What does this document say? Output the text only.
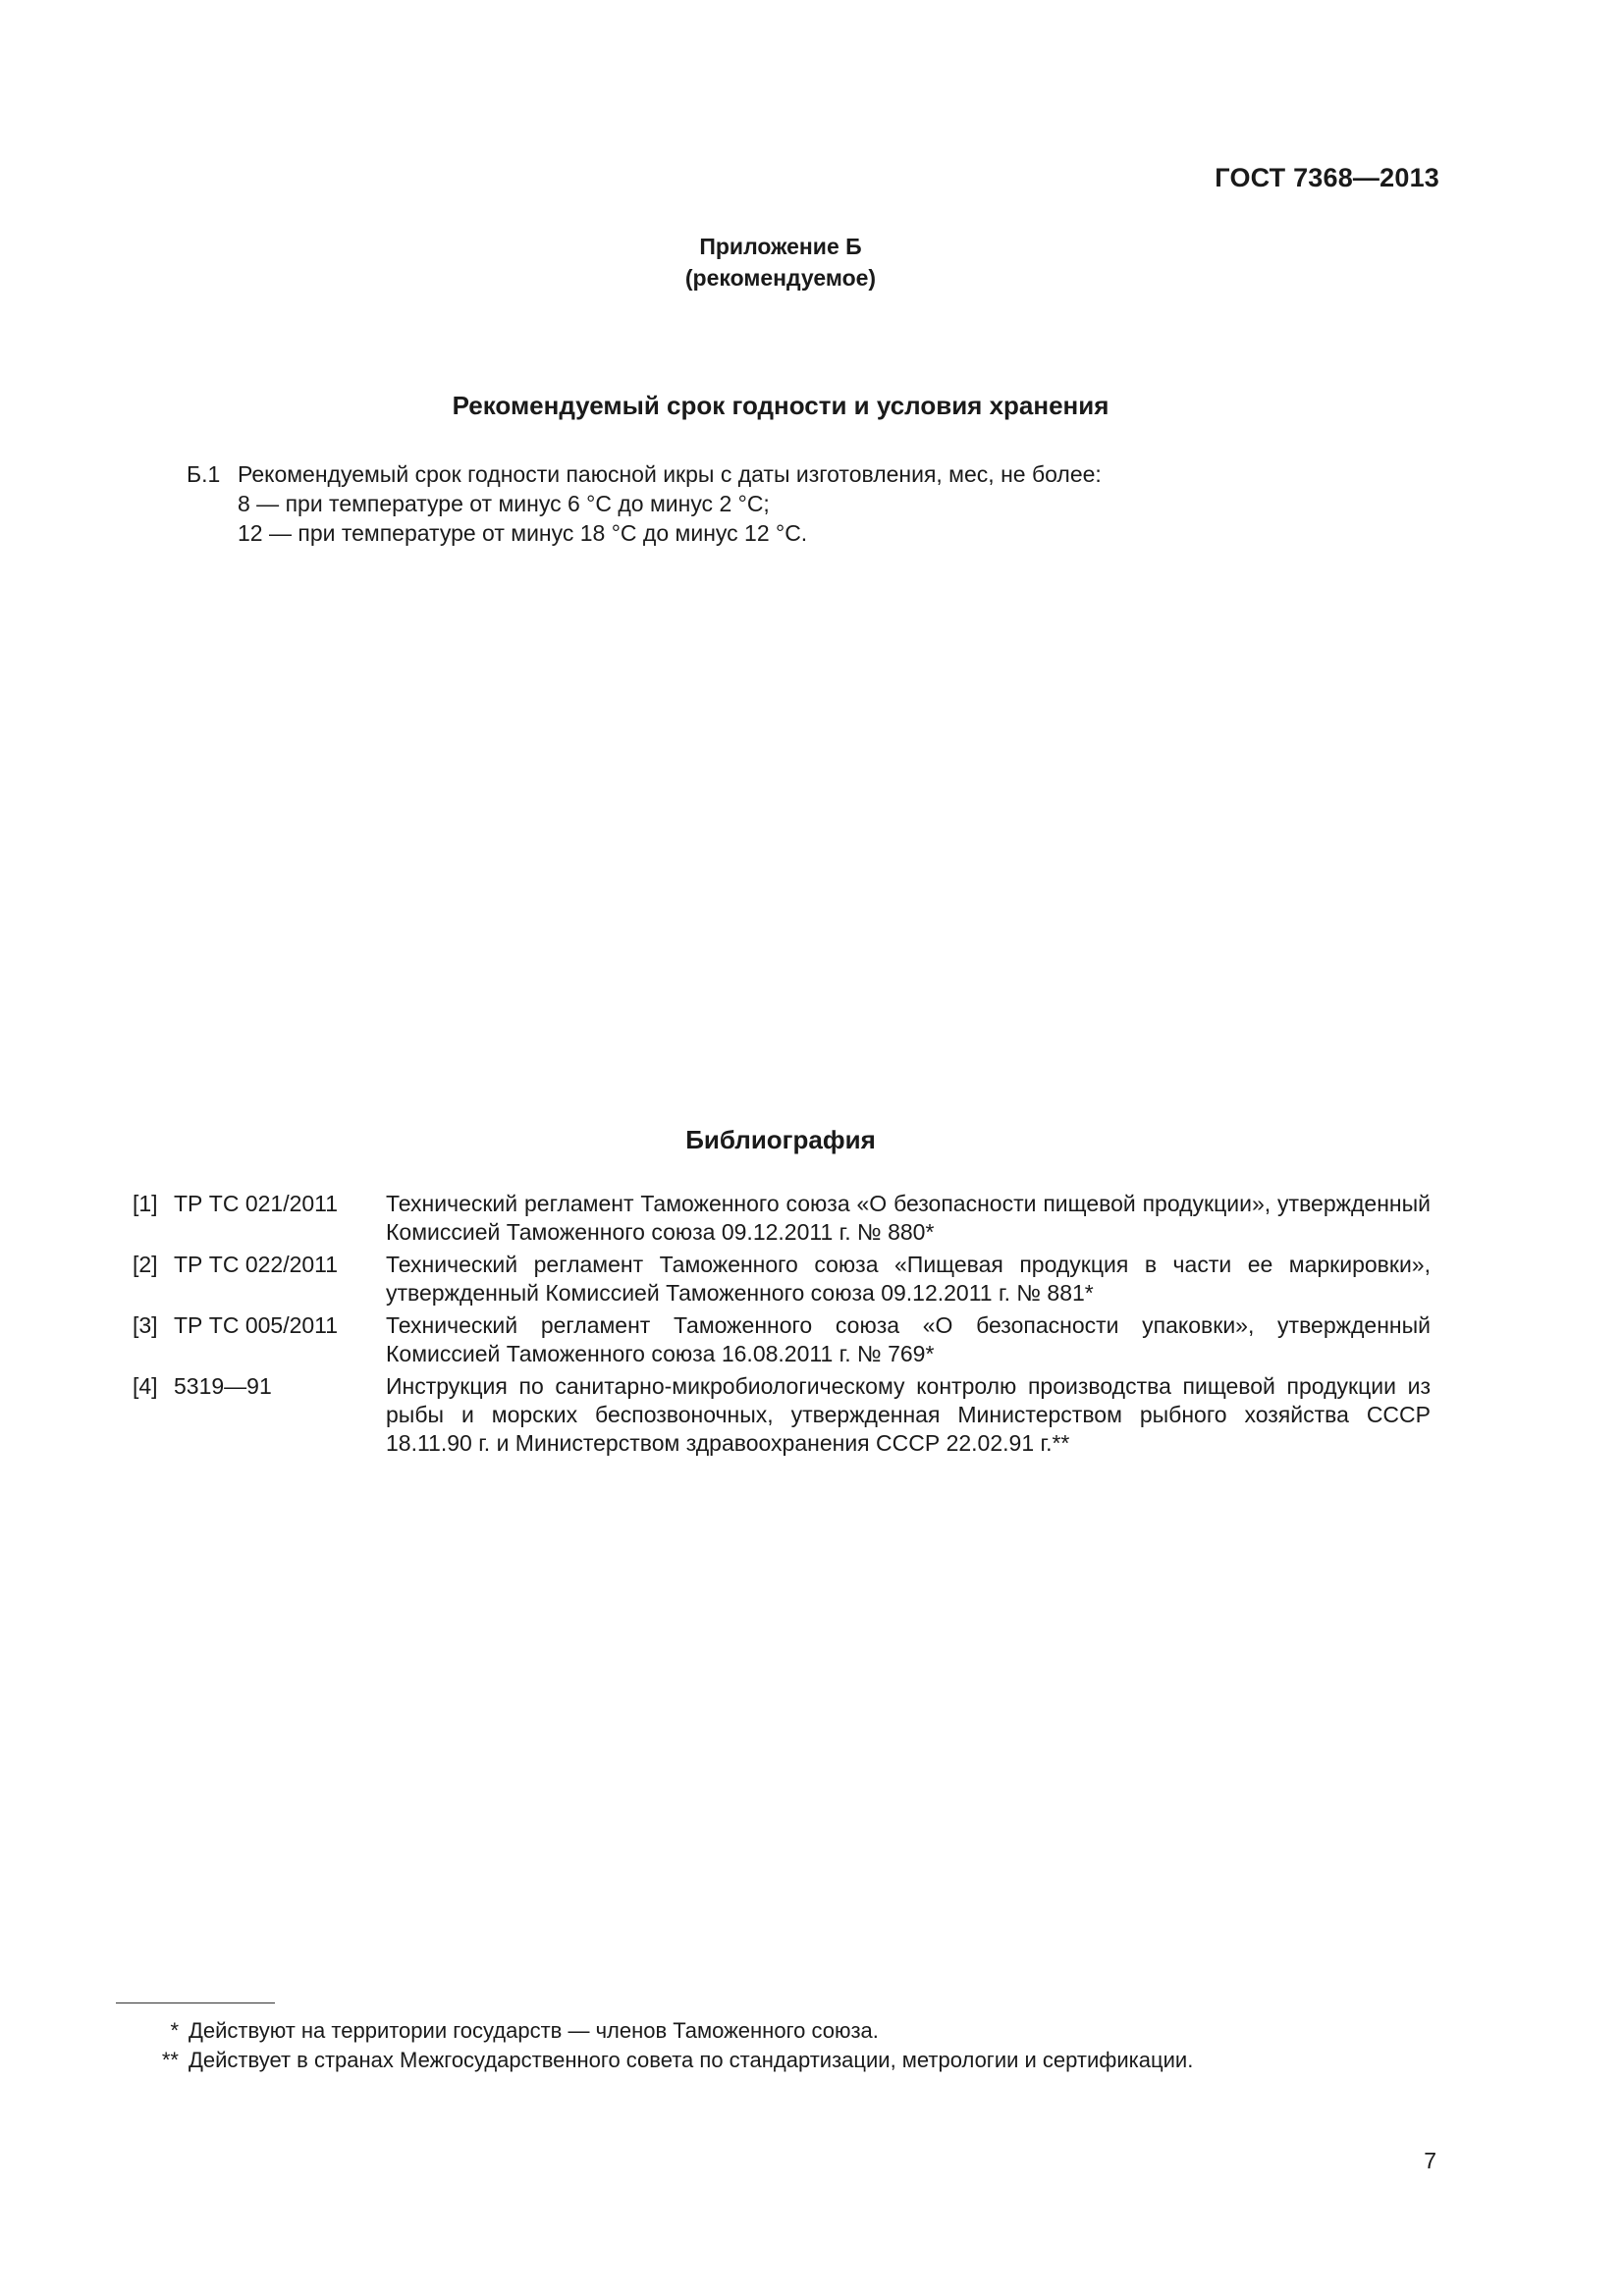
ГОСТ 7368—2013
Приложение Б
(рекомендуемое)
Рекомендуемый срок годности и условия хранения
Б.1 Рекомендуемый срок годности паюсной икры с даты изготовления, мес, не более:
8 — при температуре от минус 6 °С до минус 2 °С;
12 — при температуре от минус 18 °С до минус 12 °С.
Библиография
[1]	ТР ТС 021/2011	Технический регламент Таможенного союза «О безопасности пищевой продукции», утвержденный Комиссией Таможенного союза 09.12.2011 г. № 880*
[2]	ТР ТС 022/2011	Технический регламент Таможенного союза «Пищевая продукция в части ее маркировки», утвержденный Комиссией Таможенного союза 09.12.2011 г. № 881*
[3]	ТР ТС 005/2011	Технический регламент Таможенного союза «О безопасности упаковки», утвержденный Комиссией Таможенного союза 16.08.2011 г. № 769*
[4]	5319—91	Инструкция по санитарно-микробиологическому контролю производства пищевой продукции из рыбы и морских беспозвоночных, утвержденная Министерством рыбного хозяйства СССР 18.11.90 г. и Министерством здравоохранения СССР 22.02.91 г.**
* Действуют на территории государств — членов Таможенного союза.
** Действует в странах Межгосударственного совета по стандартизации, метрологии и сертификации.
7
